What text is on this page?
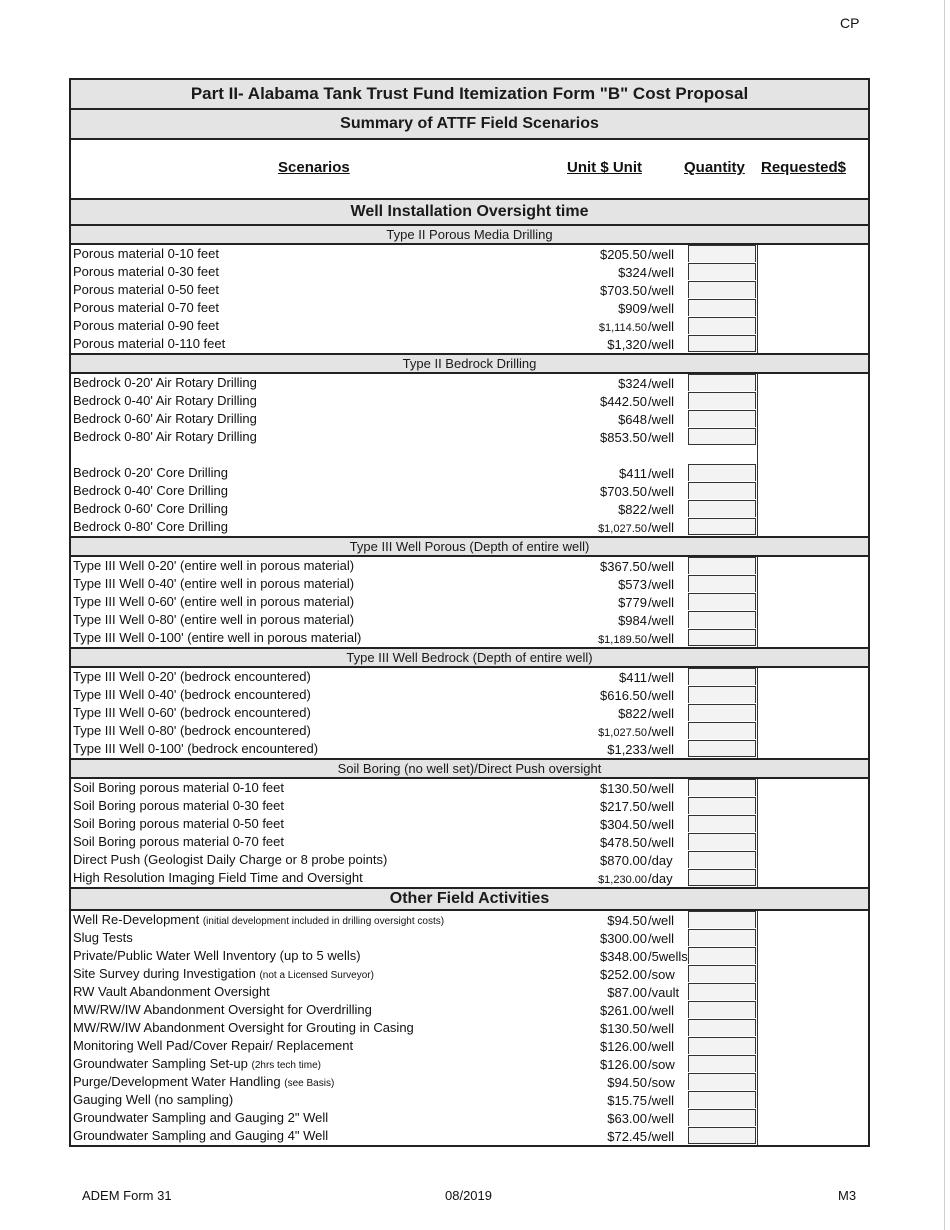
CP
Part II- Alabama Tank Trust Fund Itemization Form "B" Cost Proposal
Summary of ATTF Field Scenarios
Scenarios	Unit $ Unit	Quantity Requested$
Well Installation Oversight time
Type II Porous Media Drilling
Porous material 0-10 feet	$205.50 /well
Porous material 0-30 feet	$324 /well
Porous material 0-50 feet	$703.50 /well
Porous material 0-70 feet	$909 /well
Porous material 0-90 feet	$1,114.50 /well
Porous material 0-110 feet	$1,320 /well
Type II Bedrock Drilling
Bedrock 0-20' Air Rotary Drilling	$324 /well
Bedrock 0-40' Air Rotary Drilling	$442.50 /well
Bedrock 0-60' Air Rotary Drilling	$648 /well
Bedrock 0-80' Air Rotary Drilling	$853.50 /well
Bedrock 0-20' Core Drilling	$411 /well
Bedrock 0-40' Core Drilling	$703.50 /well
Bedrock 0-60' Core Drilling	$822 /well
Bedrock 0-80' Core Drilling	$1,027.50 /well
Type III Well Porous (Depth of entire well)
Type III Well 0-20' (entire well in porous material)	$367.50 /well
Type III Well 0-40' (entire well in porous material)	$573 /well
Type III Well 0-60' (entire well in porous material)	$779 /well
Type III Well 0-80' (entire well in porous material)	$984 /well
Type III Well 0-100' (entire well in porous material)	$1,189.50 /well
Type III Well Bedrock (Depth of entire well)
Type III Well 0-20' (bedrock encountered)	$411 /well
Type III Well 0-40' (bedrock encountered)	$616.50 /well
Type III Well 0-60' (bedrock encountered)	$822 /well
Type III Well 0-80' (bedrock encountered)	$1,027.50 /well
Type III Well 0-100' (bedrock encountered)	$1,233 /well
Soil Boring (no well set)/Direct Push oversight
Soil Boring porous material 0-10 feet	$130.50 /well
Soil Boring porous material 0-30 feet	$217.50 /well
Soil Boring porous material 0-50 feet	$304.50 /well
Soil Boring porous material 0-70 feet	$478.50 /well
Direct Push (Geologist Daily Charge or 8 probe points)	$870.00 /day
High Resolution Imaging Field Time and Oversight	$1,230.00 /day
Other Field Activities
Well Re-Development (initial development included in drilling oversight costs)	$94.50 /well
Slug Tests	$300.00 /well
Private/Public Water Well Inventory (up to 5 wells)	$348.00 /5wells
Site Survey during Investigation (not a Licensed Surveyor)	$252.00 /sow
RW Vault Abandonment Oversight	$87.00 /vault
MW/RW/IW Abandonment Oversight for Overdrilling	$261.00 /well
MW/RW/IW Abandonment Oversight for Grouting in Casing	$130.50 /well
Monitoring Well Pad/Cover Repair/ Replacement	$126.00 /well
Groundwater Sampling Set-up (2hrs tech time)	$126.00 /sow
Purge/Development Water Handling (see Basis)	$94.50 /sow
Gauging Well (no sampling)	$15.75 /well
Groundwater Sampling and Gauging 2" Well	$63.00 /well
Groundwater Sampling and Gauging 4" Well	$72.45 /well
ADEM Form 31	08/2019	M3
